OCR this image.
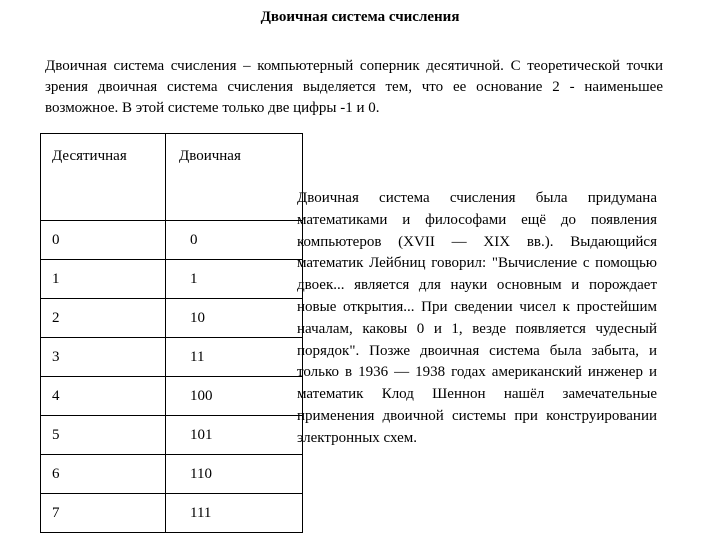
Двоичная система счисления
Двоичная система счисления – компьютерный соперник десятичной. С теоретической точки зрения двоичная система счисления выделяется тем, что ее основание 2 - наименьшее возможное. В этой системе только две цифры -1 и 0.
Десятичная	Двоичная
0	0
1	1
2	10
3	11
4	100
5	101
6	110
7	111
Двоичная система счисления была придумана математиками и философами ещё до появления компьютеров (XVII — XIX вв.). Выдающийся математик Лейбниц говорил: "Вычисление с помощью двоек... является для науки основным и порождает новые открытия... При сведении чисел к простейшим началам, каковы 0 и 1, везде появляется чудесный порядок". Позже двоичная система была забыта, и только в 1936 — 1938 годах американский инженер и математик Клод Шеннон нашёл замечательные применения двоичной системы при конструировании электронных схем.
